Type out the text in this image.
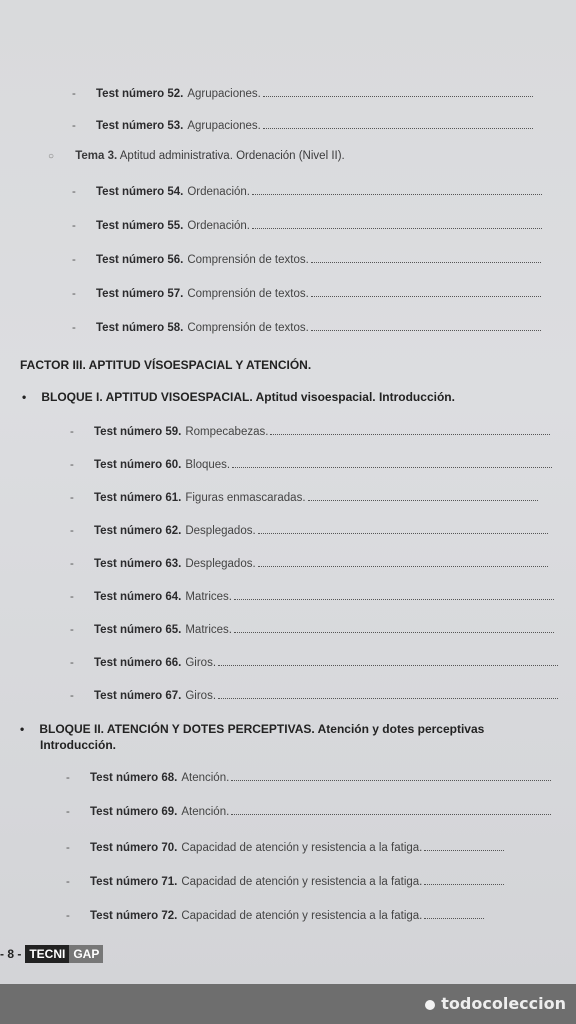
-	Test número 52. Agrupaciones.
-	Test número 53. Agrupaciones.
○ Tema 3. Aptitud administrativa. Ordenación (Nivel II).
-	Test número 54. Ordenación.
-	Test número 55. Ordenación.
-	Test número 56. Comprensión de textos.
-	Test número 57. Comprensión de textos.
-	Test número 58. Comprensión de textos.
FACTOR III. APTITUD VÍSOESPACIAL Y ATENCIÓN.
• BLOQUE I. APTITUD VISOESPACIAL. Aptitud visoespacial. Introducción.
-	Test número 59. Rompecabezas.
-	Test número 60. Bloques.
-	Test número 61. Figuras enmascaradas.
-	Test número 62. Desplegados.
-	Test número 63. Desplegados.
-	Test número 64. Matrices.
-	Test número 65. Matrices.
-	Test número 66. Giros.
-	Test número 67. Giros.
• BLOQUE II. ATENCIÓN Y DOTES PERCEPTIVAS. Atención y dotes perceptivas
Introducción.
-	Test número 68. Atención.
-	Test número 69. Atención.
-	Test número 70. Capacidad de atención y resistencia a la fatiga.
-	Test número 71. Capacidad de atención y resistencia a la fatiga.
-	Test número 72. Capacidad de atención y resistencia a la fatiga.
- 8 - TECNI GAP
todocoleccion
